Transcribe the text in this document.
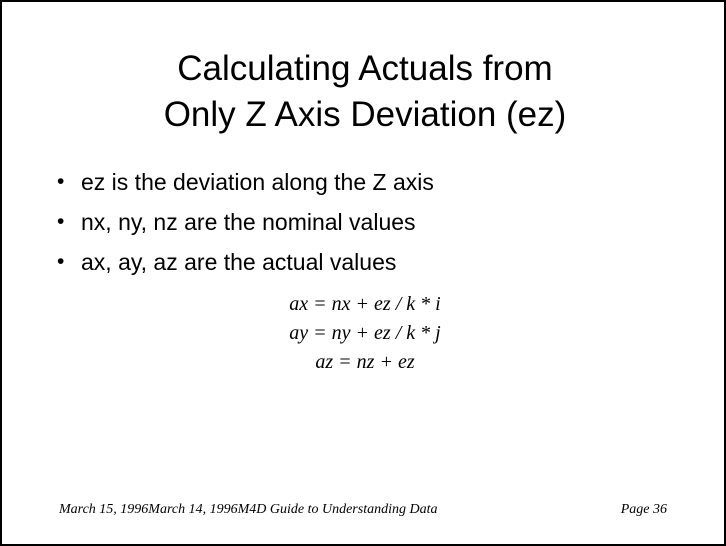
Calculating Actuals from
Only Z Axis Deviation (ez)
• ez is the deviation along the Z axis
• nx, ny, nz are the nominal values
• ax, ay, az are the actual values
ax = nx + ez / k * i
ay = ny + ez / k * j
az = nz + ez
March 15, 1996March 14, 1996M4D Guide to Understanding Data	Page 36
